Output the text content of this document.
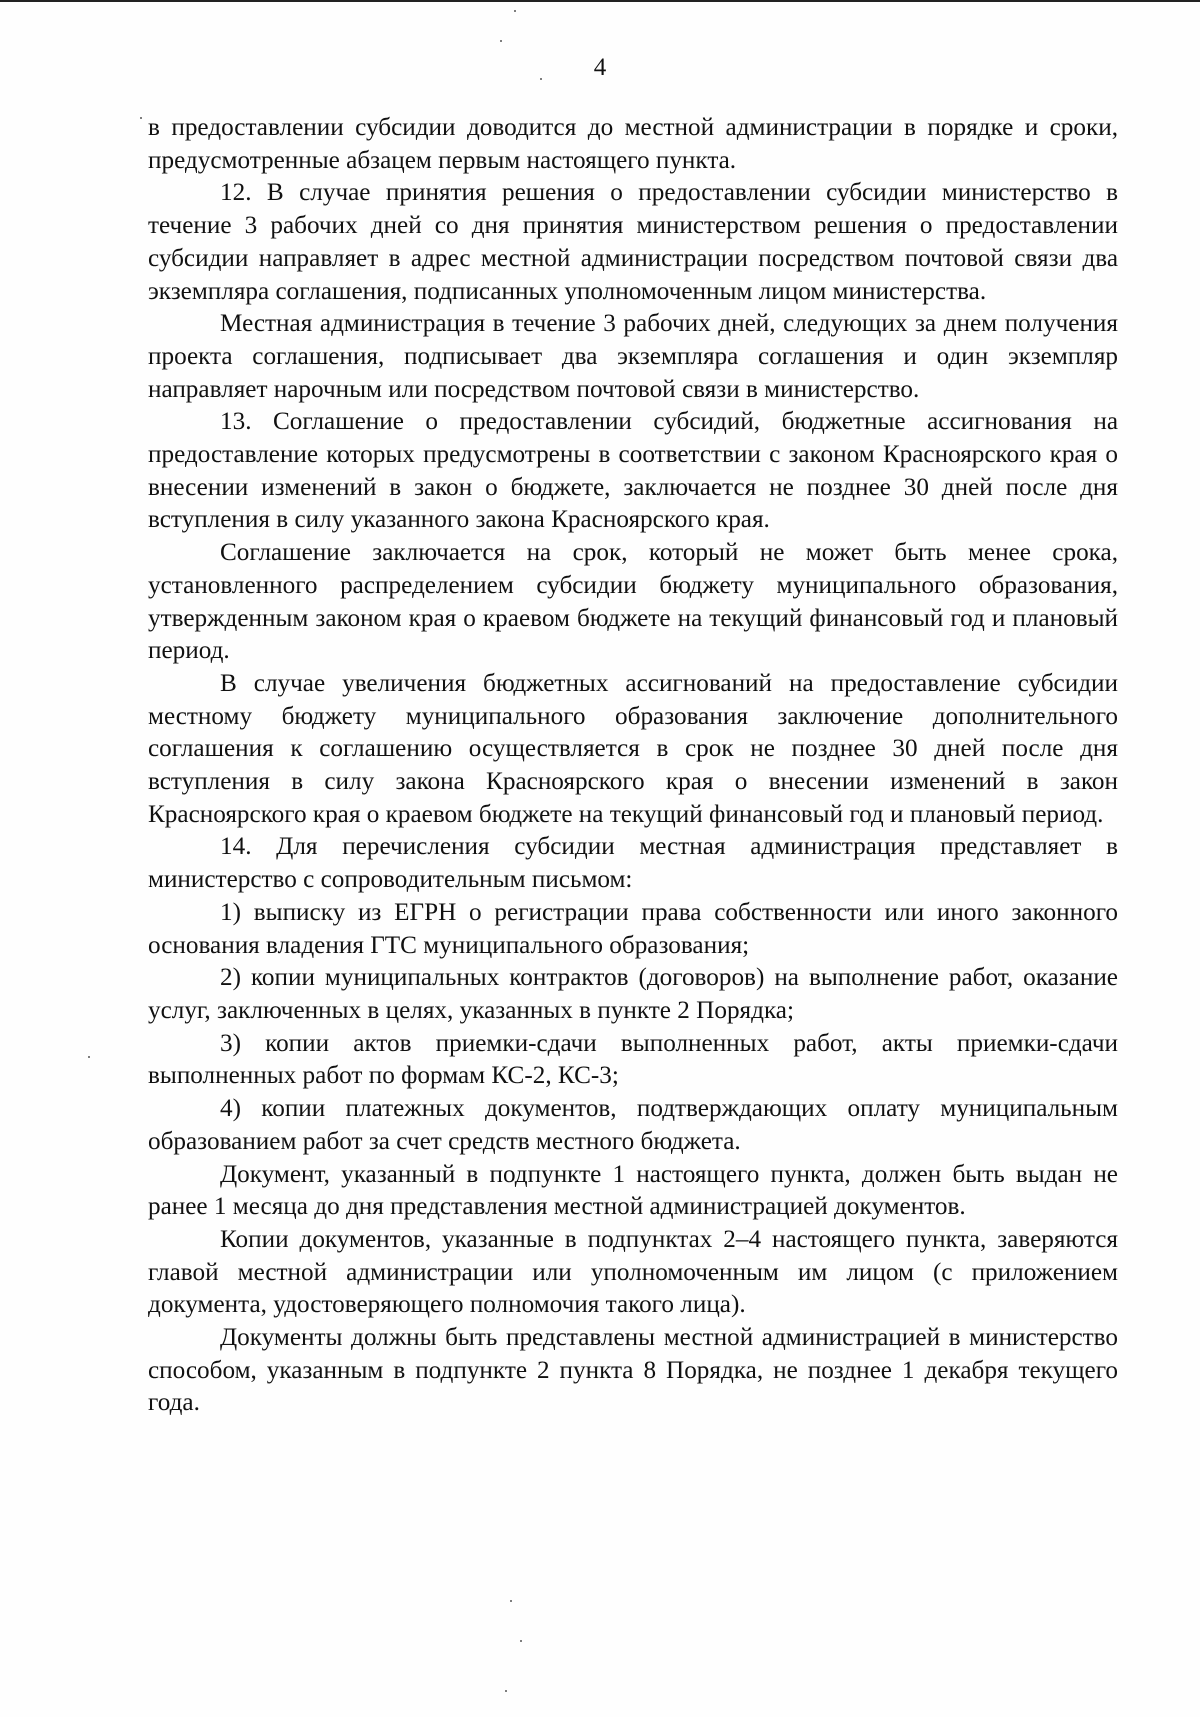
4

в предоставлении субсидии доводится до местной администрации в порядке и сроки, предусмотренные абзацем первым настоящего пункта.

12. В случае принятия решения о предоставлении субсидии министерство в течение 3 рабочих дней со дня принятия министерством решения о предоставлении субсидии направляет в адрес местной администрации посредством почтовой связи два экземпляра соглашения, подписанных уполномоченным лицом министерства.

Местная администрация в течение 3 рабочих дней, следующих за днем получения проекта соглашения, подписывает два экземпляра соглашения и один экземпляр направляет нарочным или посредством почтовой связи в министерство.

13. Соглашение о предоставлении субсидий, бюджетные ассигнования на предоставление которых предусмотрены в соответствии с законом Красноярского края о внесении изменений в закон о бюджете, заключается не позднее 30 дней после дня вступления в силу указанного закона Красноярского края.

Соглашение заключается на срок, который не может быть менее срока, установленного распределением субсидии бюджету муниципального образования, утвержденным законом края о краевом бюджете на текущий финансовый год и плановый период.

В случае увеличения бюджетных ассигнований на предоставление субсидии местному бюджету муниципального образования заключение дополнительного соглашения к соглашению осуществляется в срок не позднее 30 дней после дня вступления в силу закона Красноярского края о внесении изменений в закон Красноярского края о краевом бюджете на текущий финансовый год и плановый период.

14. Для перечисления субсидии местная администрация представляет в министерство с сопроводительным письмом:

1) выписку из ЕГРН о регистрации права собственности или иного законного основания владения ГТС муниципального образования;

2) копии муниципальных контрактов (договоров) на выполнение работ, оказание услуг, заключенных в целях, указанных в пункте 2 Порядка;

3) копии актов приемки-сдачи выполненных работ, акты приемки-сдачи выполненных работ по формам КС-2, КС-3;

4) копии платежных документов, подтверждающих оплату муниципальным образованием работ за счет средств местного бюджета.

Документ, указанный в подпункте 1 настоящего пункта, должен быть выдан не ранее 1 месяца до дня представления местной администрацией документов.

Копии документов, указанные в подпунктах 2–4 настоящего пункта, заверяются главой местной администрации или уполномоченным им лицом (с приложением документа, удостоверяющего полномочия такого лица).

Документы должны быть представлены местной администрацией в министерство способом, указанным в подпункте 2 пункта 8 Порядка, не позднее 1 декабря текущего года.
